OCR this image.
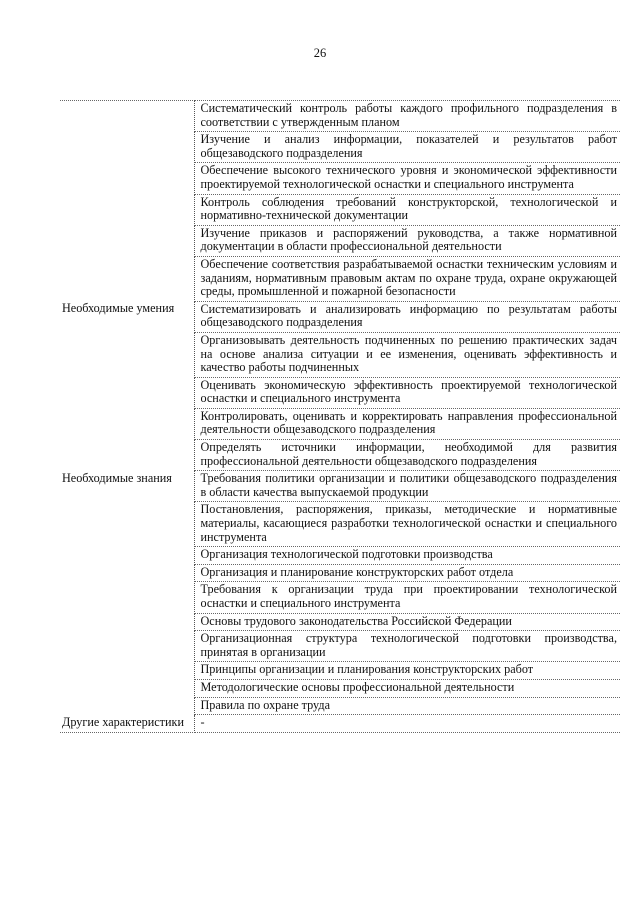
26
	Систематический контроль работы каждого профильного подразделения в соответствии с утвержденным планом
	Изучение и анализ информации, показателей и результатов работ общезаводского подразделения
	Обеспечение высокого технического уровня и экономической эффективности проектируемой технологической оснастки и специального инструмента
	Контроль соблюдения требований конструкторской, технологической и нормативно-технической документации
	Изучение приказов и распоряжений руководства, а также нормативной документации в области профессиональной деятельности
	Обеспечение соответствия разрабатываемой оснастки техническим условиям и заданиям, нормативным правовым актам по охране труда, охране окружающей среды, промышленной и пожарной безопасности
Необходимые умения	Систематизировать и анализировать информацию по результатам работы общезаводского подразделения
	Организовывать деятельность подчиненных по решению практических задач на основе анализа ситуации и ее изменения, оценивать эффективность и качество работы подчиненных
	Оценивать экономическую эффективность проектируемой технологической оснастки и специального инструмента
	Контролировать, оценивать и корректировать направления профессиональной деятельности общезаводского подразделения
	Определять источники информации, необходимой для развития профессиональной деятельности общезаводского подразделения
Необходимые знания	Требования политики организации и политики общезаводского подразделения в области качества выпускаемой продукции
	Постановления, распоряжения, приказы, методические и нормативные материалы, касающиеся разработки технологической оснастки и специального инструмента
	Организация технологической подготовки производства
	Организация и планирование конструкторских работ отдела
	Требования к организации труда при проектировании технологической оснастки и специального инструмента
	Основы трудового законодательства Российской Федерации
	Организационная структура технологической подготовки производства, принятая в организации
	Принципы организации и планирования конструкторских работ
	Методологические основы профессиональной деятельности
	Правила по охране труда
Другие характеристики	-
